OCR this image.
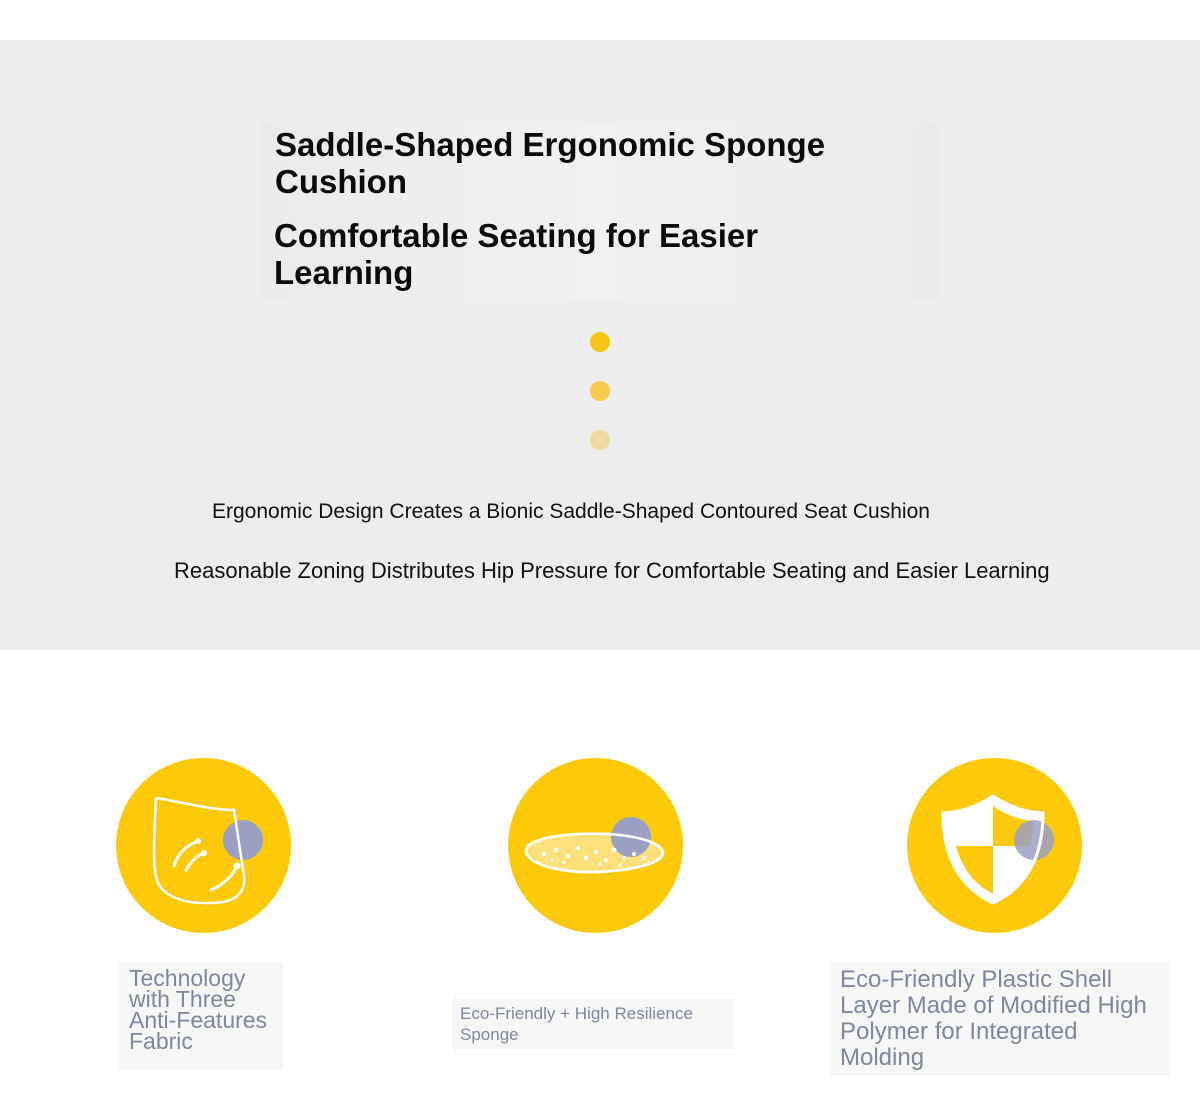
Saddle-Shaped Ergonomic Sponge Cushion
Comfortable Seating for Easier Learning
Ergonomic Design Creates a Bionic Saddle-Shaped Contoured Seat Cushion
Reasonable Zoning Distributes Hip Pressure for Comfortable Seating and Easier Learning

Technology with Three Anti-Features Fabric

Eco-Friendly + High Resilience Sponge

Eco-Friendly Plastic Shell Layer Made of Modified High Polymer for Integrated Molding
